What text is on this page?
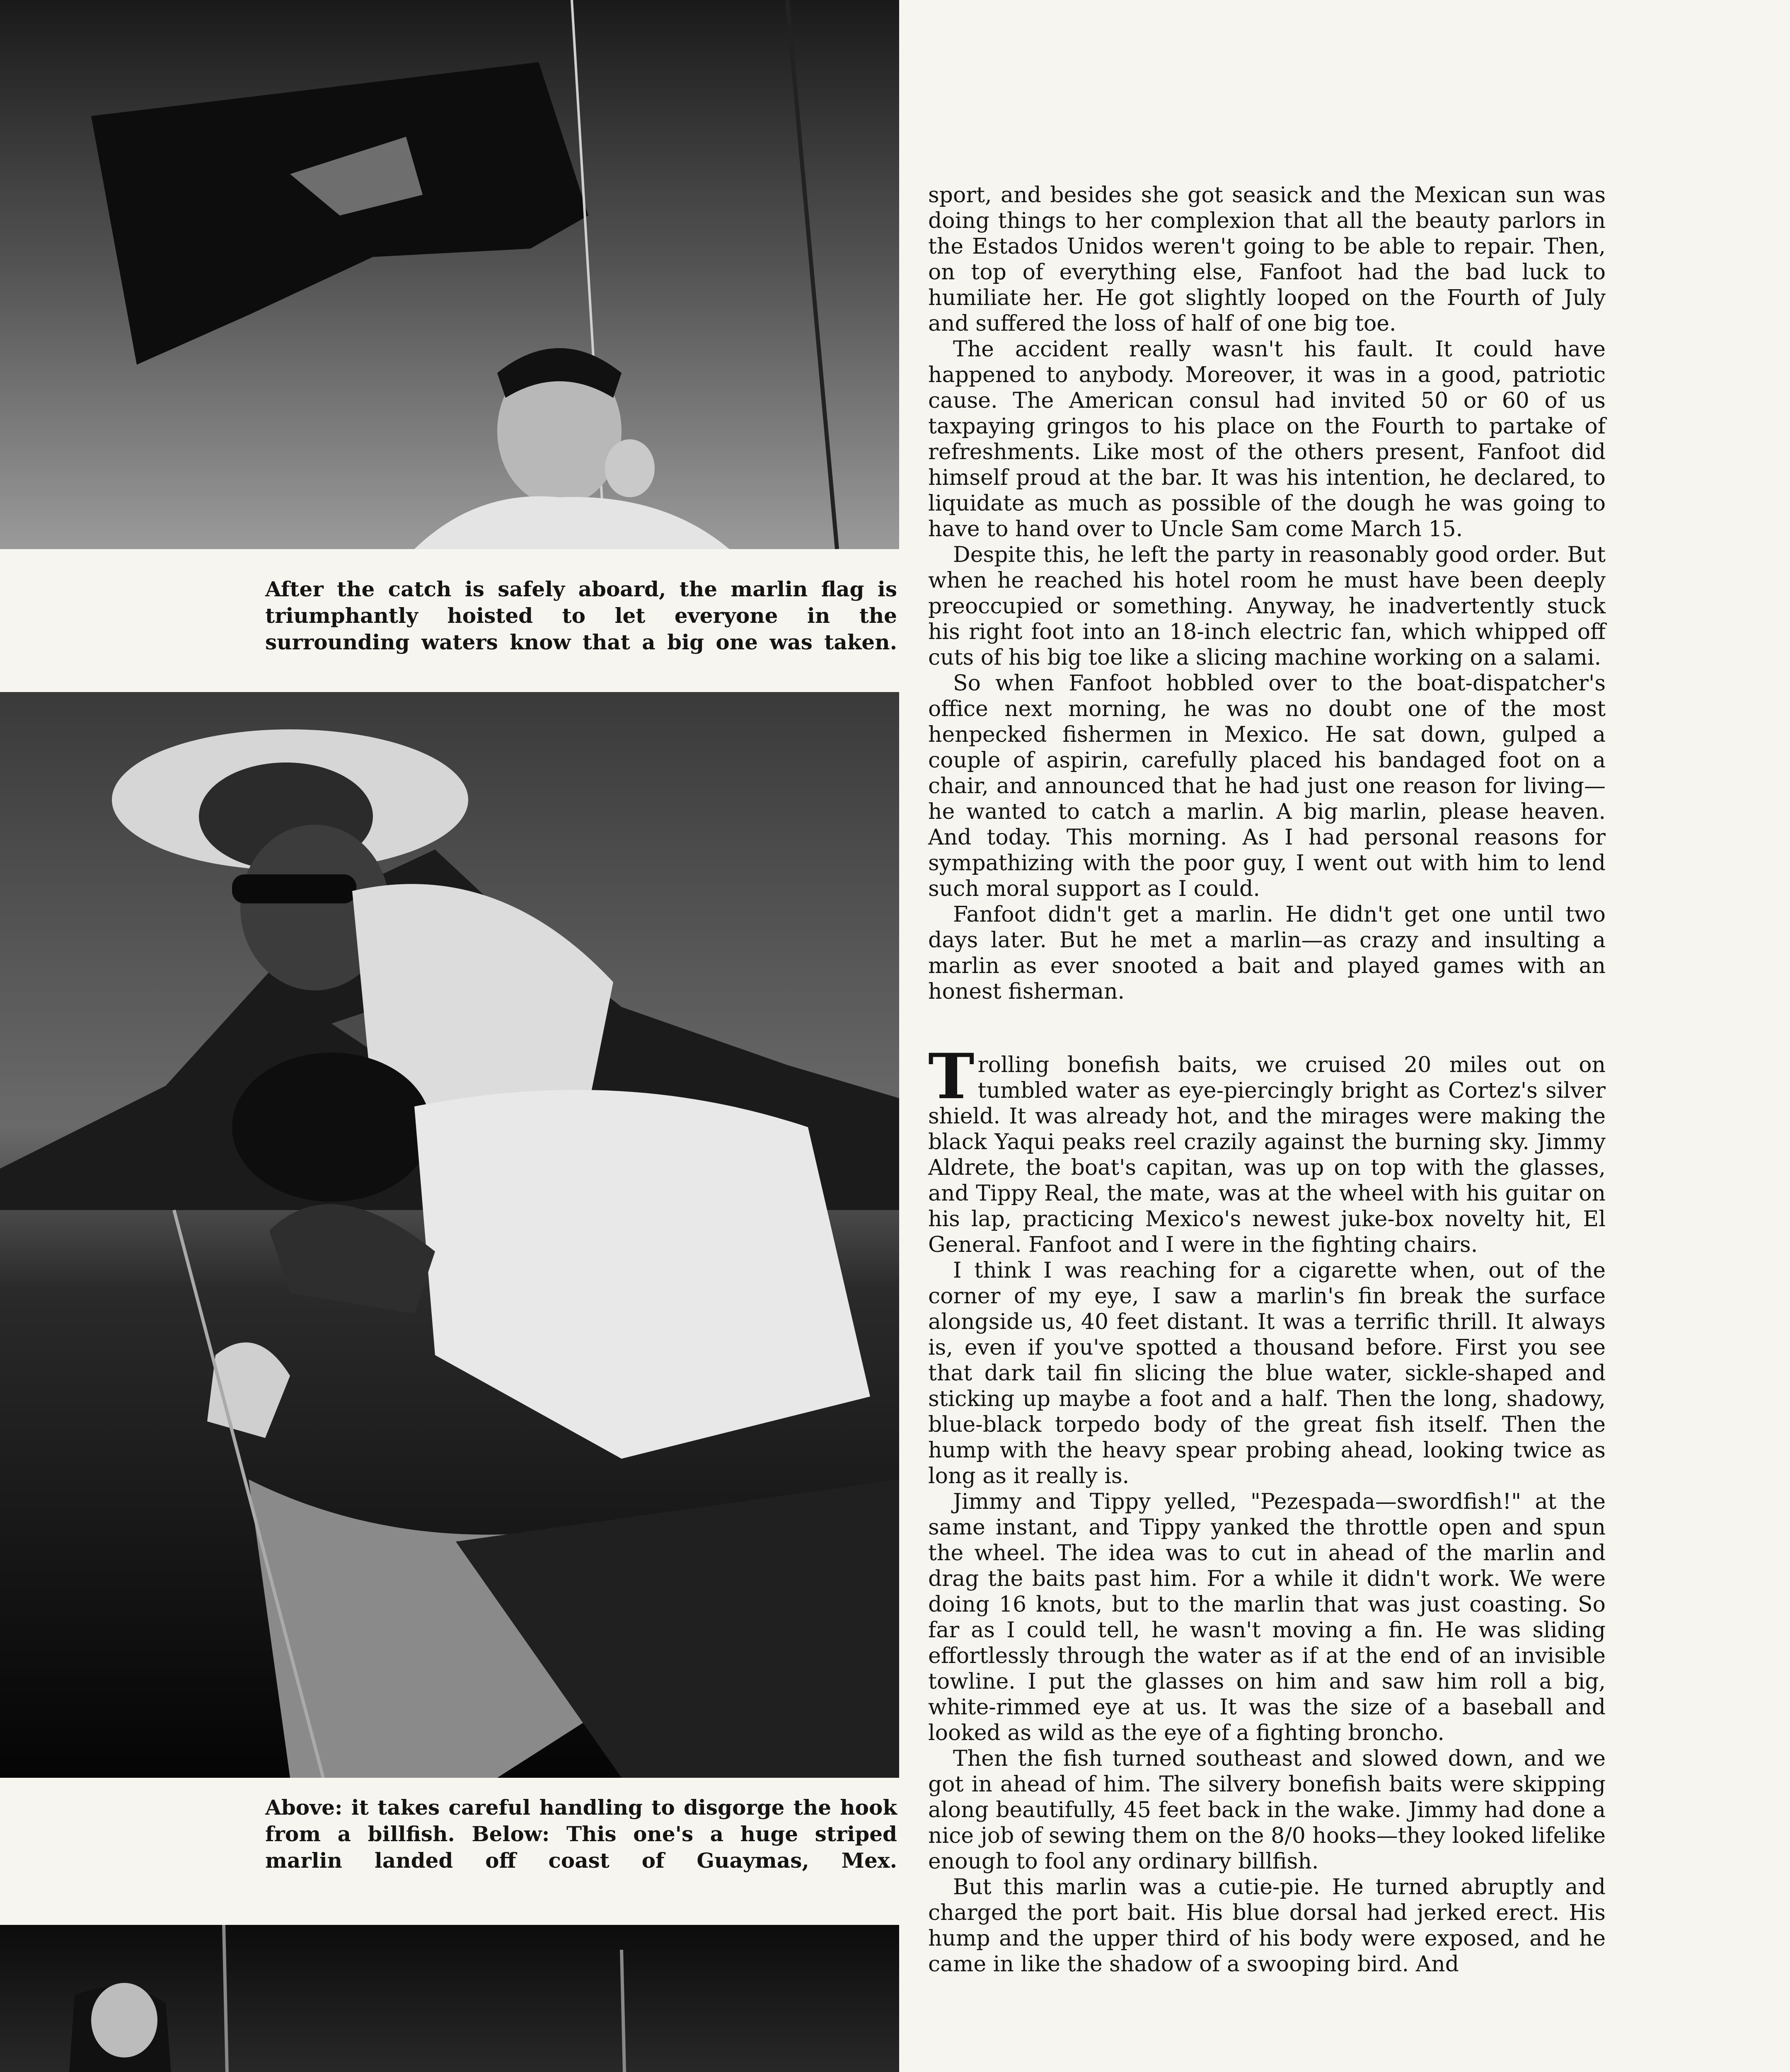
After the catch is safely aboard, the marlin flag is triumphantly hoisted to let everyone in the surrounding waters know that a big one was taken.

Above: it takes careful handling to disgorge the hook from a billfish. Below: This one's a huge striped marlin landed off coast of Guaymas, Mex.

sport, and besides she got seasick and the Mexican sun was doing things to her complexion that all the beauty parlors in the Estados Unidos weren't going to be able to repair. Then, on top of everything else, Fanfoot had the bad luck to humiliate her. He got slightly looped on the Fourth of July and suffered the loss of half of one big toe.

The accident really wasn't his fault. It could have happened to anybody. Moreover, it was in a good, patriotic cause. The American consul had invited 50 or 60 of us taxpaying gringos to his place on the Fourth to partake of refreshments. Like most of the others present, Fanfoot did himself proud at the bar. It was his intention, he declared, to liquidate as much as possible of the dough he was going to have to hand over to Uncle Sam come March 15.

Despite this, he left the party in reasonably good order. But when he reached his hotel room he must have been deeply preoccupied or something. Anyway, he inadvertently stuck his right foot into an 18-inch electric fan, which whipped off cuts of his big toe like a slicing machine working on a salami.

So when Fanfoot hobbled over to the boat-dispatcher's office next morning, he was no doubt one of the most henpecked fishermen in Mexico. He sat down, gulped a couple of aspirin, carefully placed his bandaged foot on a chair, and announced that he had just one reason for living—he wanted to catch a marlin. A big marlin, please heaven. And today. This morning. As I had personal reasons for sympathizing with the poor guy, I went out with him to lend such moral support as I could.

Fanfoot didn't get a marlin. He didn't get one until two days later. But he met a marlin—as crazy and insulting a marlin as ever snooted a bait and played games with an honest fisherman.

Trolling bonefish baits, we cruised 20 miles out on tumbled water as eye-piercingly bright as Cortez's silver shield. It was already hot, and the mirages were making the black Yaqui peaks reel crazily against the burning sky. Jimmy Aldrete, the boat's capitan, was up on top with the glasses, and Tippy Real, the mate, was at the wheel with his guitar on his lap, practicing Mexico's newest juke-box novelty hit, El General. Fanfoot and I were in the fighting chairs.

I think I was reaching for a cigarette when, out of the corner of my eye, I saw a marlin's fin break the surface alongside us, 40 feet distant. It was a terrific thrill. It always is, even if you've spotted a thousand before. First you see that dark tail fin slicing the blue water, sickle-shaped and sticking up maybe a foot and a half. Then the long, shadowy, blue-black torpedo body of the great fish itself. Then the hump with the heavy spear probing ahead, looking twice as long as it really is.

Jimmy and Tippy yelled, "Pezespada—swordfish!" at the same instant, and Tippy yanked the throttle open and spun the wheel. The idea was to cut in ahead of the marlin and drag the baits past him. For a while it didn't work. We were doing 16 knots, but to the marlin that was just coasting. So far as I could tell, he wasn't moving a fin. He was sliding effortlessly through the water as if at the end of an invisible towline. I put the glasses on him and saw him roll a big, white-rimmed eye at us. It was the size of a baseball and looked as wild as the eye of a fighting broncho.

Then the fish turned southeast and slowed down, and we got in ahead of him. The silvery bonefish baits were skipping along beautifully, 45 feet back in the wake. Jimmy had done a nice job of sewing them on the 8/0 hooks—they looked lifelike enough to fool any ordinary billfish.

But this marlin was a cutie-pie. He turned abruptly and charged the port bait. His blue dorsal had jerked erect. His hump and the upper third of his body were exposed, and he came in like the shadow of a swooping bird. And
